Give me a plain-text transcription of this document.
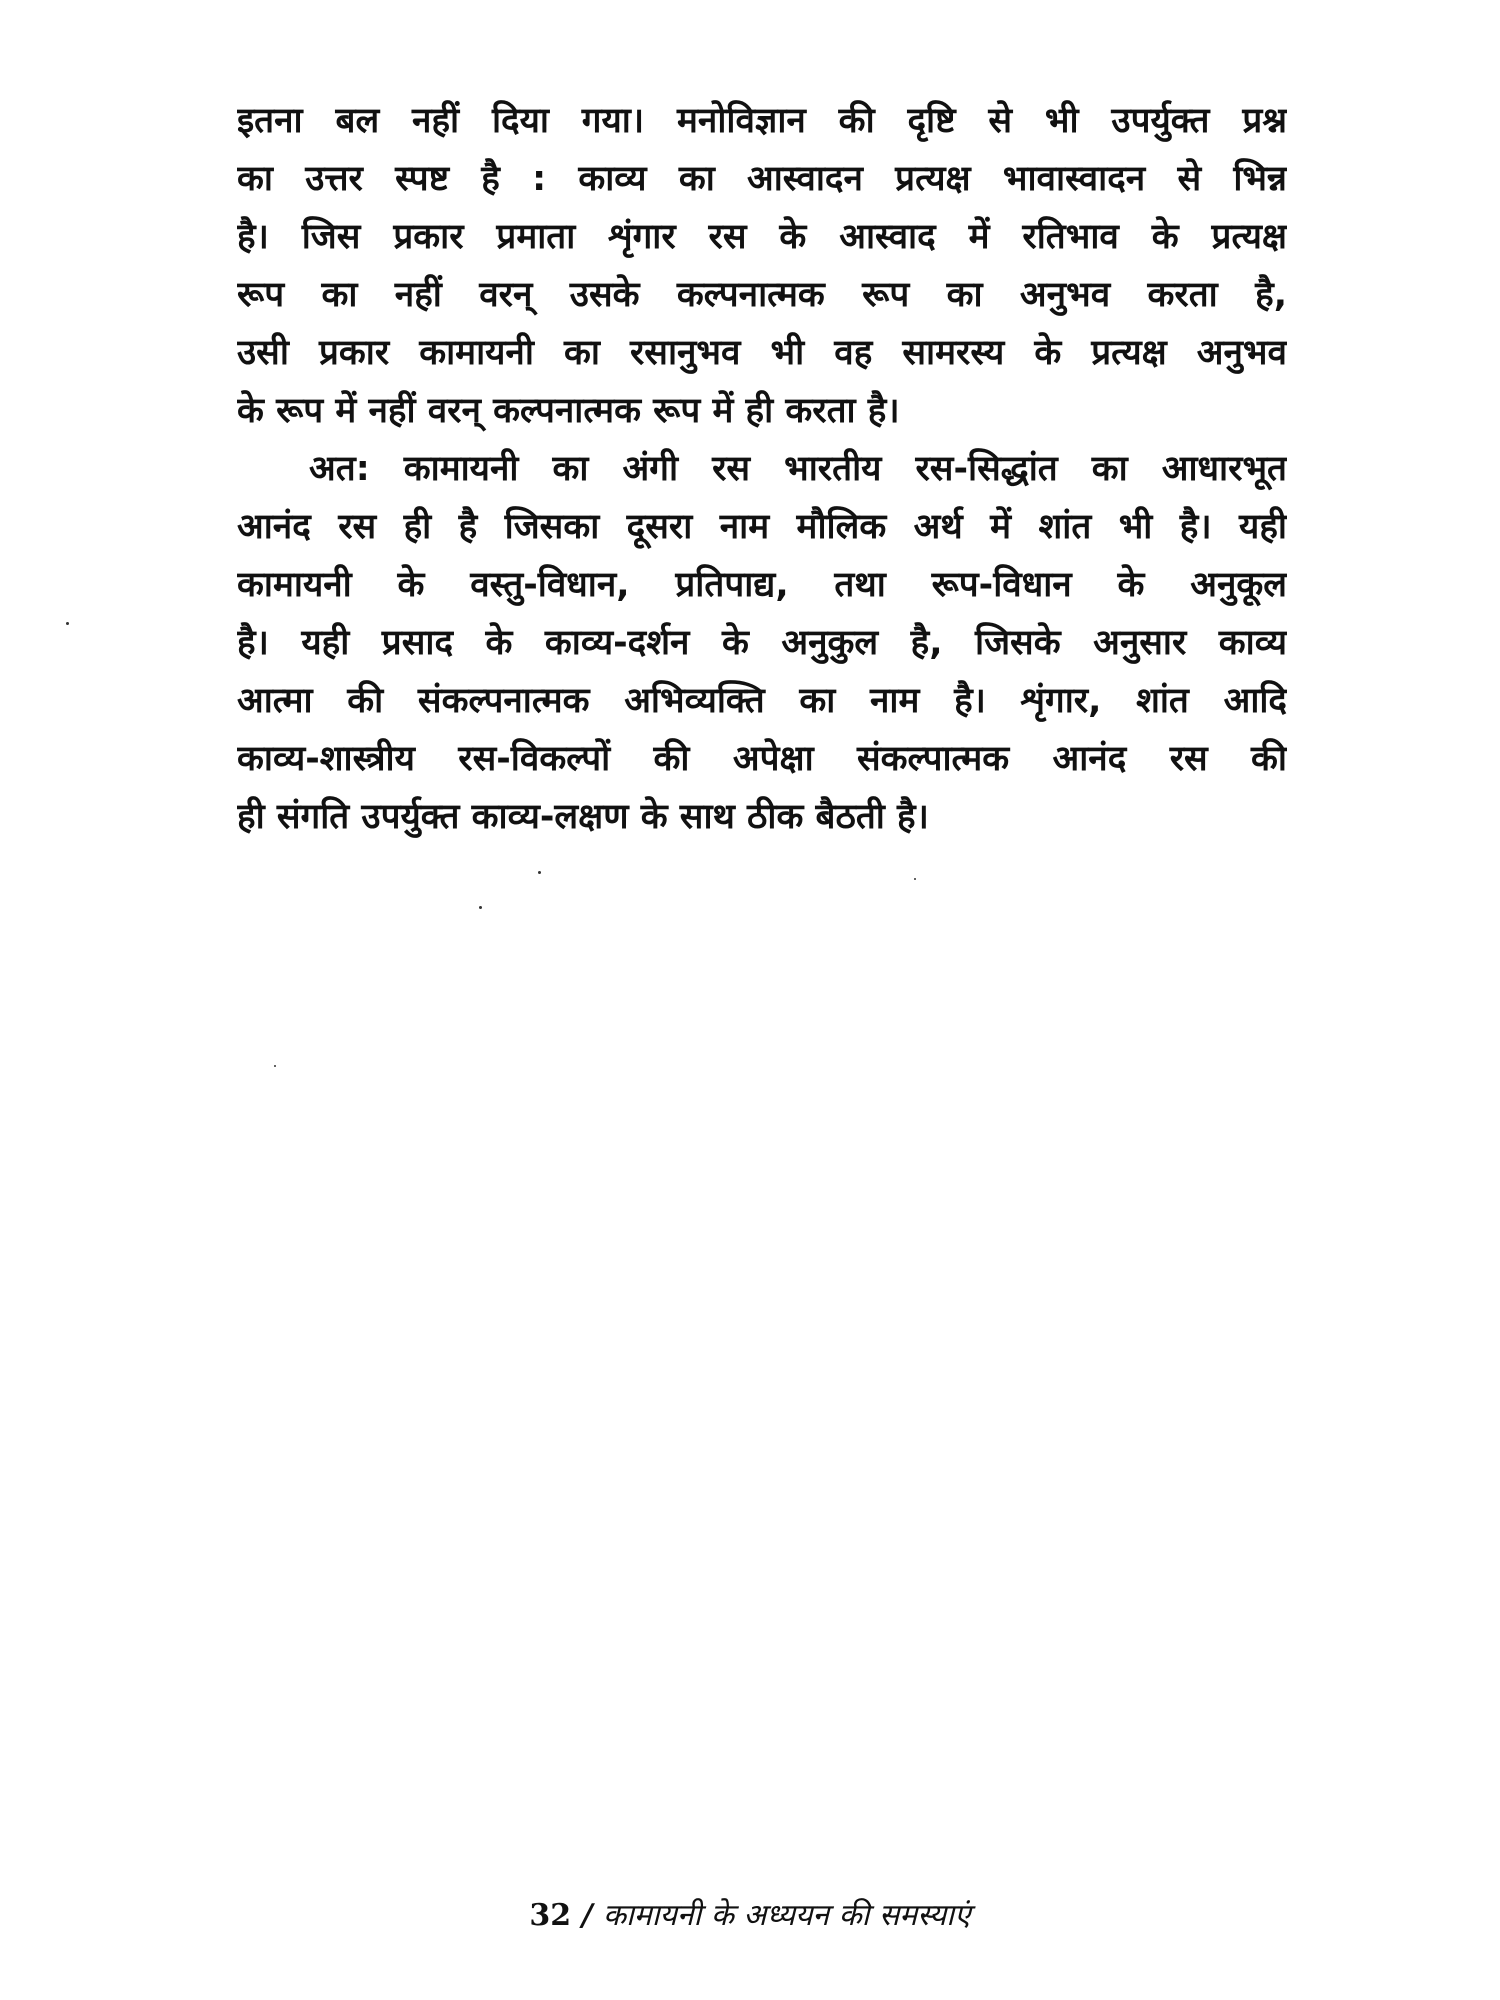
इतना बल नहीं दिया गया। मनोविज्ञान की दृष्टि से भी उपर्युक्त प्रश्न
का उत्तर स्पष्ट है : काव्य का आस्वादन प्रत्यक्ष भावास्वादन से भिन्न
है। जिस प्रकार प्रमाता शृंगार रस के आस्वाद में रतिभाव के प्रत्यक्ष
रूप का नहीं वरन् उसके कल्पनात्मक रूप का अनुभव करता है,
उसी प्रकार कामायनी का रसानुभव भी वह सामरस्य के प्रत्यक्ष अनुभव
के रूप में नहीं वरन् कल्पनात्मक रूप में ही करता है।
अत: कामायनी का अंगी रस भारतीय रस-सिद्धांत का आधारभूत
आनंद रस ही है जिसका दूसरा नाम मौलिक अर्थ में शांत भी है। यही
कामायनी के वस्तु-विधान, प्रतिपाद्य, तथा रूप-विधान के अनुकूल
है। यही प्रसाद के काव्य-दर्शन के अनुकुल है, जिसके अनुसार काव्य
आत्मा की संकल्पनात्मक अभिव्यक्ति का नाम है। शृंगार, शांत आदि
काव्य-शास्त्रीय रस-विकल्पों की अपेक्षा संकल्पात्मक आनंद रस की
ही संगति उपर्युक्त काव्य-लक्षण के साथ ठीक बैठती है।
32 / कामायनी के अध्ययन की समस्याएं
